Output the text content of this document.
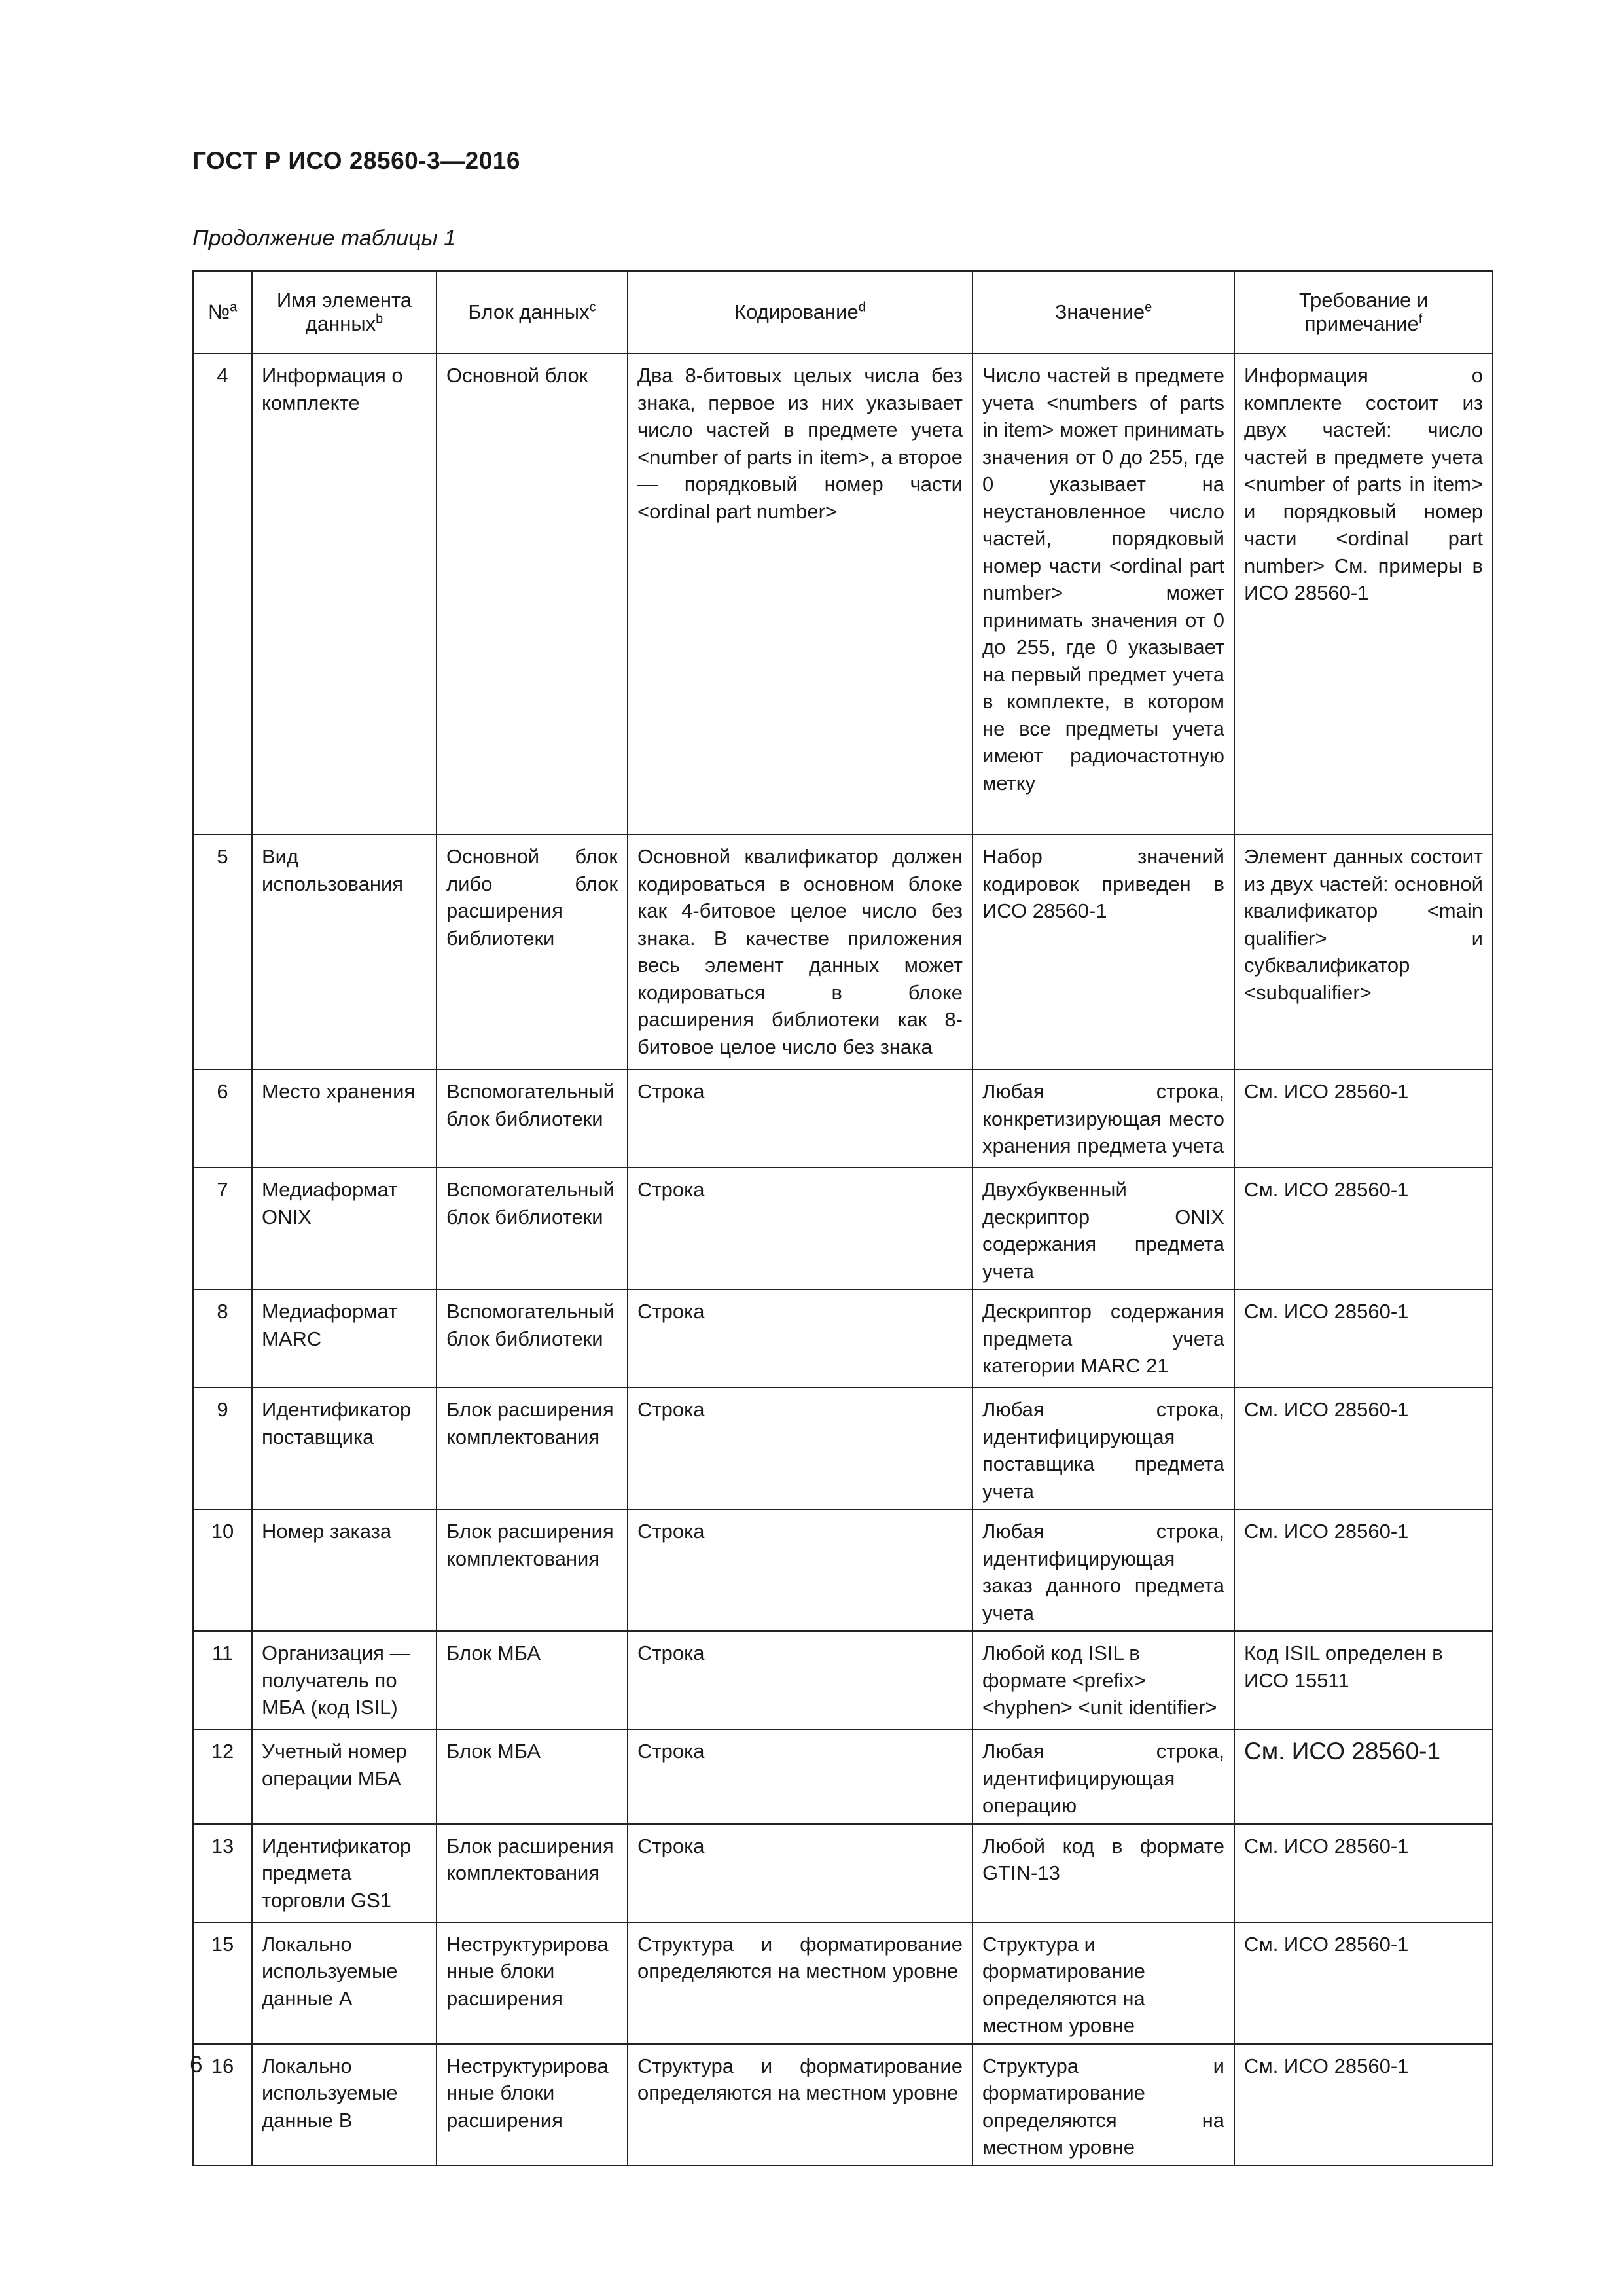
ГОСТ Р ИСО 28560-3—2016
Продолжение таблицы 1
№$^a$	Имя элемента данных$^b$	Блок данных$^c$	Кодирование$^d$	Значение$^e$	Требование и примечание$^f$
4	Информация о комплекте	Основной блок	Два 8-битовых целых числа без знака, первое из них указывает число частей в предмете учета <number of parts in item>, а второе — порядковый номер части <ordinal part number>	Число частей в предмете учета <numbers of parts in item> может принимать значения от 0 до 255, где 0 указывает на неустановленное число частей, порядковый номер части <ordinal part number> может принимать значения от 0 до 255, где 0 указывает на первый предмет учета в комплекте, в котором не все предметы учета имеют радиочастотную метку	Информация о комплекте состоит из двух частей: число частей в предмете учета <number of parts in item> и порядковый номер части <ordinal part number> См. примеры в ИСО 28560-1
5	Вид использования	Основной блок либо блок расширения библиотеки	Основной квалификатор должен кодироваться в основном блоке как 4-битовое целое число без знака. В качестве приложения весь элемент данных может кодироваться в блоке расширения библиотеки как 8-битовое целое число без знака	Набор значений кодировок приведен в ИСО 28560-1	Элемент данных состоит из двух частей: основной квалификатор <main qualifier> и субквалификатор <subqualifier>
6	Место хранения	Вспомогательный блок библиотеки	Строка	Любая строка, конкретизирующая место хранения предмета учета	См. ИСО 28560-1
7	Медиаформат ONIX	Вспомогательный блок библиотеки	Строка	Двухбуквенный дескриптор ONIX содержания предмета учета	См. ИСО 28560-1
8	Медиаформат MARC	Вспомогательный блок библиотеки	Строка	Дескриптор содержания предмета учета категории MARC 21	См. ИСО 28560-1
9	Идентификатор поставщика	Блок расширения комплектования	Строка	Любая строка, идентифицирующая поставщика предмета учета	См. ИСО 28560-1
10	Номер заказа	Блок расширения комплектования	Строка	Любая строка, идентифицирующая заказ данного предмета учета	См. ИСО 28560-1
11	Организация — получатель по МБА (код ISIL)	Блок МБА	Строка	Любой код ISIL в формате <prefix><hyphen> <unit identifier>	Код ISIL определен в ИСО 15511
12	Учетный номер операции МБА	Блок МБА	Строка	Любая строка, идентифицирующая операцию	См. ИСО 28560-1
13	Идентификатор предмета торговли GS1	Блок расширения комплектования	Строка	Любой код в формате GTIN-13	См. ИСО 28560-1
15	Локально используемые данные А	Неструктурированные блоки расширения	Структура и форматирование определяются на местном уровне	Структура и форматирование определяются на местном уровне	См. ИСО 28560-1
16	Локально используемые данные В	Неструктурированные блоки расширения	Структура и форматирование определяются на местном уровне	Структура и форматирование определяются на местном уровне	См. ИСО 28560-1
6
